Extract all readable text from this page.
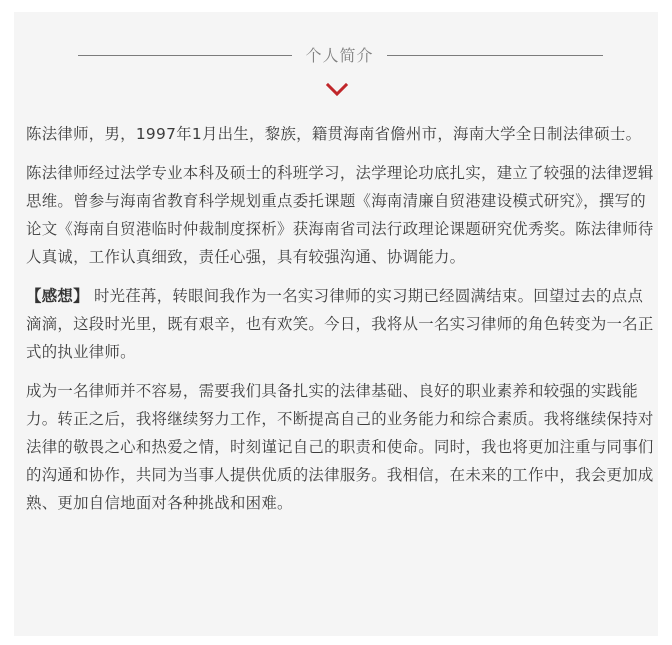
个人简介

陈法律师，男，1997年1月出生，黎族，籍贯海南省儋州市，海南大学全日制法律硕士。

陈法律师经过法学专业本科及硕士的科班学习，法学理论功底扎实，建立了较强的法律逻辑思维。曾参与海南省教育科学规划重点委托课题《海南清廉自贸港建设模式研究》，撰写的论文《海南自贸港临时仲裁制度探析》获海南省司法行政理论课题研究优秀奖。陈法律师待人真诚，工作认真细致，责任心强，具有较强沟通、协调能力。

【感想】 时光荏苒，转眼间我作为一名实习律师的实习期已经圆满结束。回望过去的点点滴滴，这段时光里，既有艰辛，也有欢笑。今日，我将从一名实习律师的角色转变为一名正式的执业律师。

成为一名律师并不容易，需要我们具备扎实的法律基础、良好的职业素养和较强的实践能力。转正之后，我将继续努力工作，不断提高自己的业务能力和综合素质。我将继续保持对法律的敬畏之心和热爱之情，时刻谨记自己的职责和使命。同时，我也将更加注重与同事们的沟通和协作，共同为当事人提供优质的法律服务。我相信，在未来的工作中，我会更加成熟、更加自信地面对各种挑战和困难。
